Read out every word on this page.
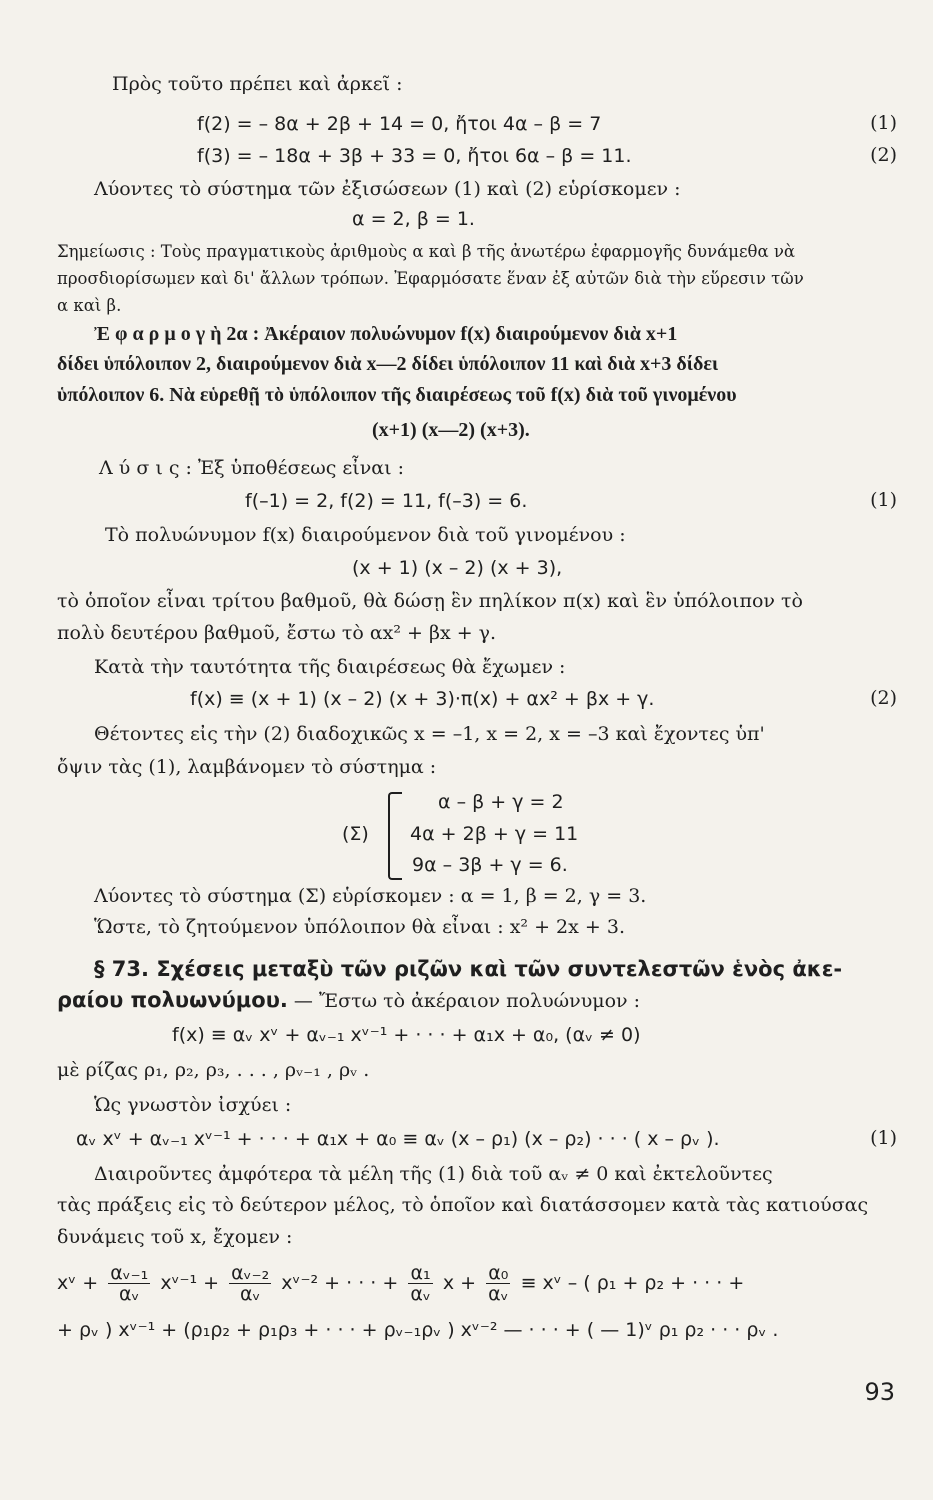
Πρὸς τοῦτο πρέπει καὶ ἀρκεῖ :
f(2) = – 8α + 2β + 14 = 0, ἤτοι 4α – β = 7	(1)
f(3) = – 18α + 3β + 33 = 0, ἤτοι 6α – β = 11.	(2)
Λύοντες τὸ σύστημα τῶν ἐξισώσεων (1) καὶ (2) εὑρίσκομεν :
α = 2, β = 1.
Σημείωσις : Τοὺς πραγματικοὺς ἀριθμοὺς α καὶ β τῆς ἀνωτέρω ἐφαρμογῆς δυνάμεθα νὰ
προσδιορίσωμεν καὶ δι' ἄλλων τρόπων. Ἐφαρμόσατε ἕναν ἐξ αὐτῶν διὰ τὴν εὕρεσιν τῶν
α καὶ β.
Ἐ φ α ρ μ ο γ ὴ 2α : Ἀκέραιον πολυώνυμον f(x) διαιρούμενον διὰ x+1
δίδει ὑπόλοιπον 2, διαιρούμενον διὰ x—2 δίδει ὑπόλοιπον 11 καὶ διὰ x+3 δίδει
ὑπόλοιπον 6. Νὰ εὑρεθῇ τὸ ὑπόλοιπον τῆς διαιρέσεως τοῦ f(x) διὰ τοῦ γινομένου
(x+1) (x—2) (x+3).
Λ ύ σ ι ς : Ἐξ ὑποθέσεως εἶναι :
f(–1) = 2, f(2) = 11, f(–3) = 6.	(1)
Τὸ πολυώνυμον f(x) διαιρούμενον διὰ τοῦ γινομένου :
(x + 1) (x – 2) (x + 3),
τὸ ὁποῖον εἶναι τρίτου βαθμοῦ, θὰ δώσῃ ἓν πηλίκον π(x) καὶ ἓν ὑπόλοιπον τὸ
πολὺ δευτέρου βαθμοῦ, ἔστω τὸ αx² + βx + γ.
Κατὰ τὴν ταυτότητα τῆς διαιρέσεως θὰ ἔχωμεν :
f(x) ≡ (x + 1) (x – 2) (x + 3)·π(x) + αx² + βx + γ.	(2)
Θέτοντες εἰς τὴν (2) διαδοχικῶς x = –1, x = 2, x = –3 καὶ ἔχοντες ὑπ'
ὄψιν τὰς (1), λαμβάνομεν τὸ σύστημα :
(Σ)
α – β + γ = 2
4α + 2β + γ = 11
9α – 3β + γ = 6.
Λύοντες τὸ σύστημα (Σ) εὑρίσκομεν : α = 1, β = 2, γ = 3.
Ὥστε, τὸ ζητούμενον ὑπόλοιπον θὰ εἶναι : x² + 2x + 3.
§ 73. Σχέσεις μεταξὺ τῶν ριζῶν καὶ τῶν συντελεστῶν ἑνὸς ἀκε-
ραίου πολυωνύμου. — Ἔστω τὸ ἀκέραιον πολυώνυμον :
f(x) ≡ αᵥ xᵛ + αᵥ₋₁ xᵛ⁻¹ + · · · + α₁x + α₀, (αᵥ ≠ 0)
μὲ ρίζας ρ₁, ρ₂, ρ₃, . . . , ρᵥ₋₁ , ρᵥ .
Ὡς γνωστὸν ἰσχύει :
αᵥ xᵛ + αᵥ₋₁ xᵛ⁻¹ + · · · + α₁x + α₀ ≡ αᵥ (x – ρ₁) (x – ρ₂) · · · ( x – ρᵥ ).	(1)
Διαιροῦντες ἀμφότερα τὰ μέλη τῆς (1) διὰ τοῦ αᵥ ≠ 0 καὶ ἐκτελοῦντες
τὰς πράξεις εἰς τὸ δεύτερον μέλος, τὸ ὁποῖον καὶ διατάσσομεν κατὰ τὰς κατιούσας
δυνάμεις τοῦ x, ἔχομεν :
xᵛ + $\frac{\text{αᵥ₋₁}}{\text{αᵥ}}$ xᵛ⁻¹ + $\frac{\text{αᵥ₋₂}}{\text{αᵥ}}$ xᵛ⁻² + · · · + $\frac{\text{α₁}}{\text{αᵥ}}$ $x + \frac{\text{α₀}}{\text{αᵥ}}$ ≡ xᵛ – ( ρ₁ + ρ₂ + · · · +
+ ρᵥ ) xᵛ⁻¹ + (ρ₁ρ₂ + ρ₁ρ₃ + · · · + ρᵥ₋₁ρᵥ ) xᵛ⁻² — · · · + ( — 1)ᵛ ρ₁ ρ₂ · · · ρᵥ .
93
